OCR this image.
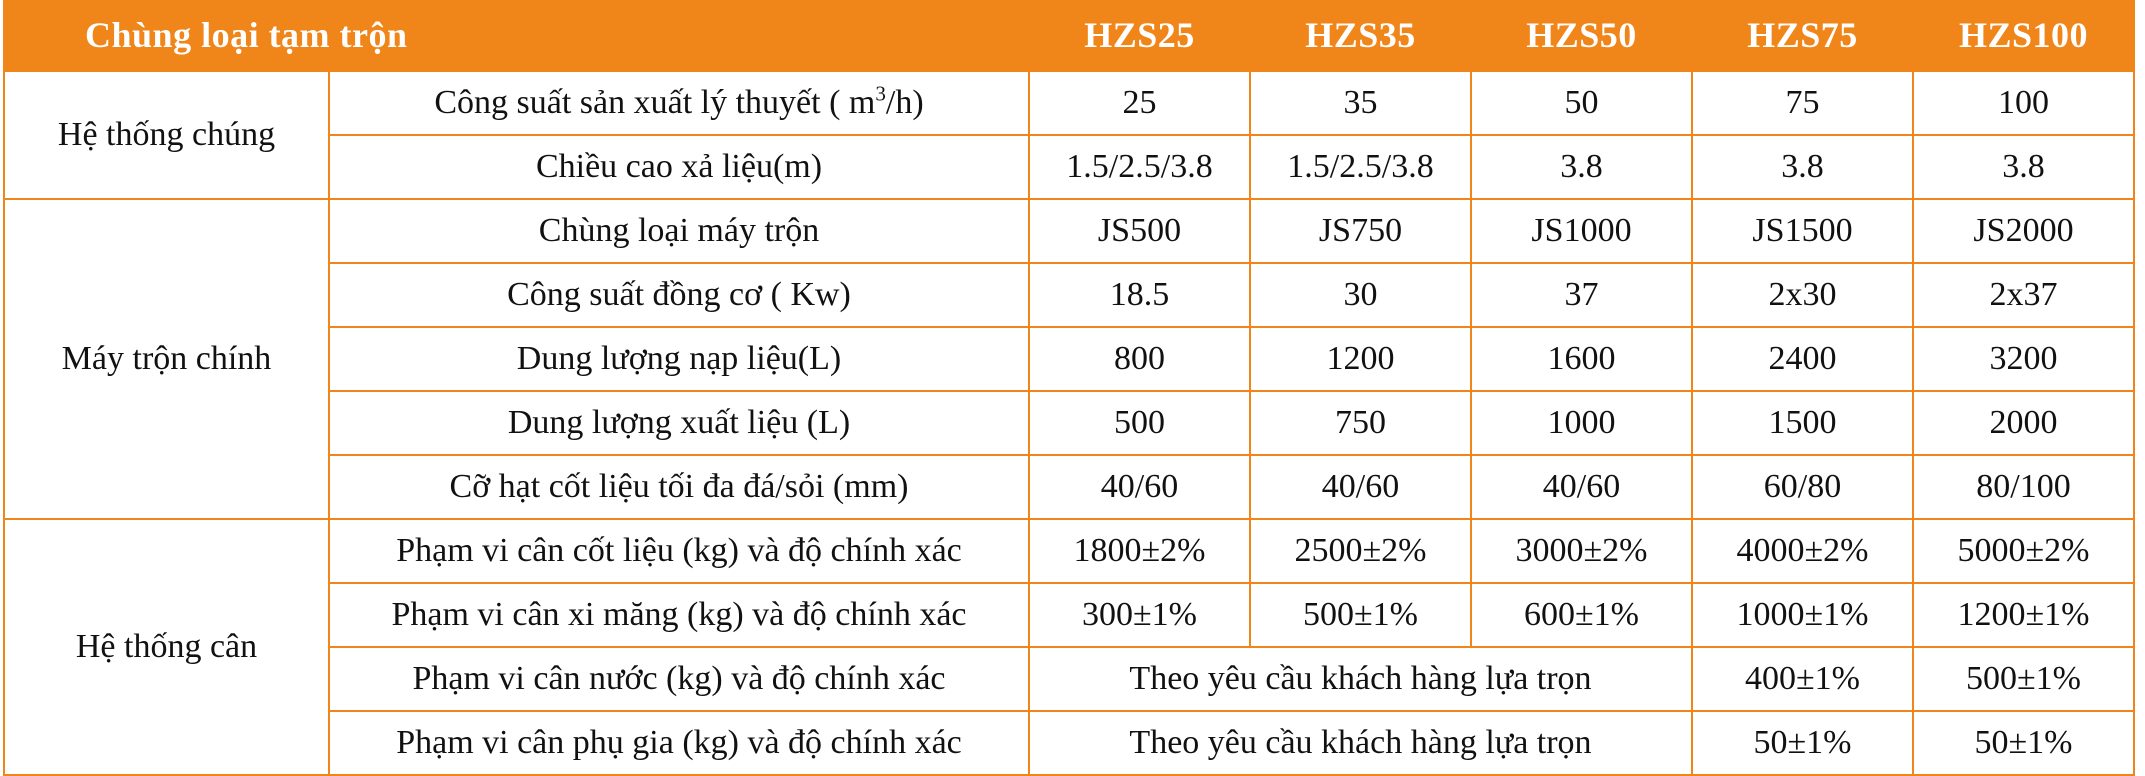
Chùng loại tạm trộn		HZS25	HZS35	HZS50	HZS75	HZS100
Hệ thống chúng	Công suất sản xuất lý thuyết ( $m^3/h$)	25	35	50	75	100
	Chiều cao xả liệu(m)	1.5/2.5/3.8	1.5/2.5/3.8	3.8	3.8	3.8
Máy trộn chính	Chùng loại máy trộn	JS500	JS750	JS1000	JS1500	JS2000
	Công suất đồng cơ ( Kw)	18.5	30	37	2x30	2x37
	Dung lượng nạp liệu(L)	800	1200	1600	2400	3200
	Dung lượng xuất liệu (L)	500	750	1000	1500	2000
	Cỡ hạt cốt liệu tối đa đá/sỏi (mm)	40/60	40/60	40/60	60/80	80/100
Hệ thống cân	Phạm vi cân cốt liệu (kg) và độ chính xác	1800±2%	2500±2%	3000±2%	4000±2%	5000±2%
	Phạm vi cân xi măng (kg) và độ chính xác	300±1%	500±1%	600±1%	1000±1%	1200±1%
	Phạm vi cân nước (kg) và độ chính xác	Theo yêu cầu khách hàng lựa trọn			400±1%	500±1%
	Phạm vi cân phụ gia (kg) và độ chính xác	Theo yêu cầu khách hàng lựa trọn			50±1%	50±1%
